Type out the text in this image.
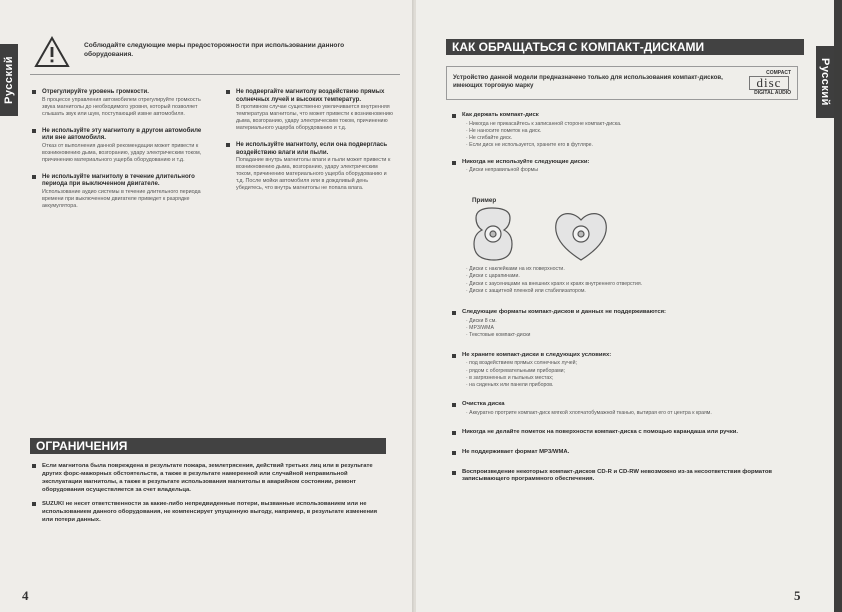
Русский
Соблюдайте следующие меры предосторожности при использовании данного оборудования.
Отрегулируйте уровень громкости.

В процессе управления автомобилем отрегулируйте громкость звука магнитолы до необходимого уровня, который позволяет слышать звук или шум, поступающий извне автомобиля.

Не используйте эту магнитолу в другом автомобиле или вне автомобиля.

Отказ от выполнения данной рекомендации может привести к возникновению дыма, возгоранию, удару электрическим током, причинению материального ущерба оборудованию и т.д.

Не используйте магнитолу в течение длительного периода при выключенном двигателе.

Использование аудио системы в течение длительного периода времени при выключенном двигателе приведет к разрядке аккумулятора.

Не подвергайте магнитолу воздействию прямых солнечных лучей и высоких температур.

В противном случае существенно увеличивается внутренняя температура магнитолы, что может привести к возникновению дыма, возгоранию, удару электрическим током, причинению материального ущерба оборудованию и т.д.

Не используйте магнитолу, если она подверглась воздействию влаги или пыли.

Попадание внутрь магнитолы влаги и пыли может привести к возникновению дыма, возгоранию, удару электрическим током, причинению материального ущерба оборудованию и т.д. После мойки автомобиля или в дождливый день убедитесь, что внутрь магнитолы не попала влага.

ОГРАНИЧЕНИЯ
Если магнитола была повреждена в результате пожара, землетрясения, действий третьих лиц или в результате других форс-мажорных обстоятельств, а также в результате намеренной или случайной неправильной эксплуатации магнитолы, а также в результате использования магнитолы в аварийном состоянии, ремонт оборудования осуществляется за счет владельца.
SUZUKI не несет ответственности за какие-либо непредвиденные потери, вызванные использованием или не использованием данного оборудования, не компенсирует упущенную выгоду, например, в результате изменения или потери данных.
4
Русский
КАК ОБРАЩАТЬСЯ С КОМПАКТ-ДИСКАМИ
Устройство данной модели предназначено только для использования компакт-дисков, имеющих торговую марку
COMPACT
disc
DIGITAL AUDIO
Как держать компакт-диск
· Никогда не прикасайтесь к записанной стороне компакт-диска.
· Не наносите пометок на диск.
· Не сгибайте диск.
· Если диск не используется, храните его в футляре.
Никогда не используйте следующие диски:
· Диски неправильной формы
Пример
· Диски с наклейками на их поверхности.
· Диски с царапинами.
· Диски с заусеницами на внешних краях и краях внутреннего отверстия.
· Диски с защитной пленкой или стабилизатором.
Следующие форматы компакт-дисков и данных не поддерживаются:
· Диски 8 см.
· MP3/WMA
· Текстовые компакт-диски
Не храните компакт-диски в следующих условиях:
· под воздействием прямых солнечных лучей;
· рядом с обогревательными приборами;
· в загрязненных и пыльных местах;
· на сиденьях или панели приборов.
Очистка диска
· Аккуратно протрите компакт-диск мягкой хлопчатобумажной тканью, вытирая его от центра к краям.
Никогда не делайте пометок на поверхности компакт-диска с помощью карандаша или ручки.
Не поддерживает формат MP3/WMA.
Воспроизведение некоторых компакт-дисков CD-R и CD-RW невозможно из-за несоответствия форматов записывающего программного обеспечения.
5
